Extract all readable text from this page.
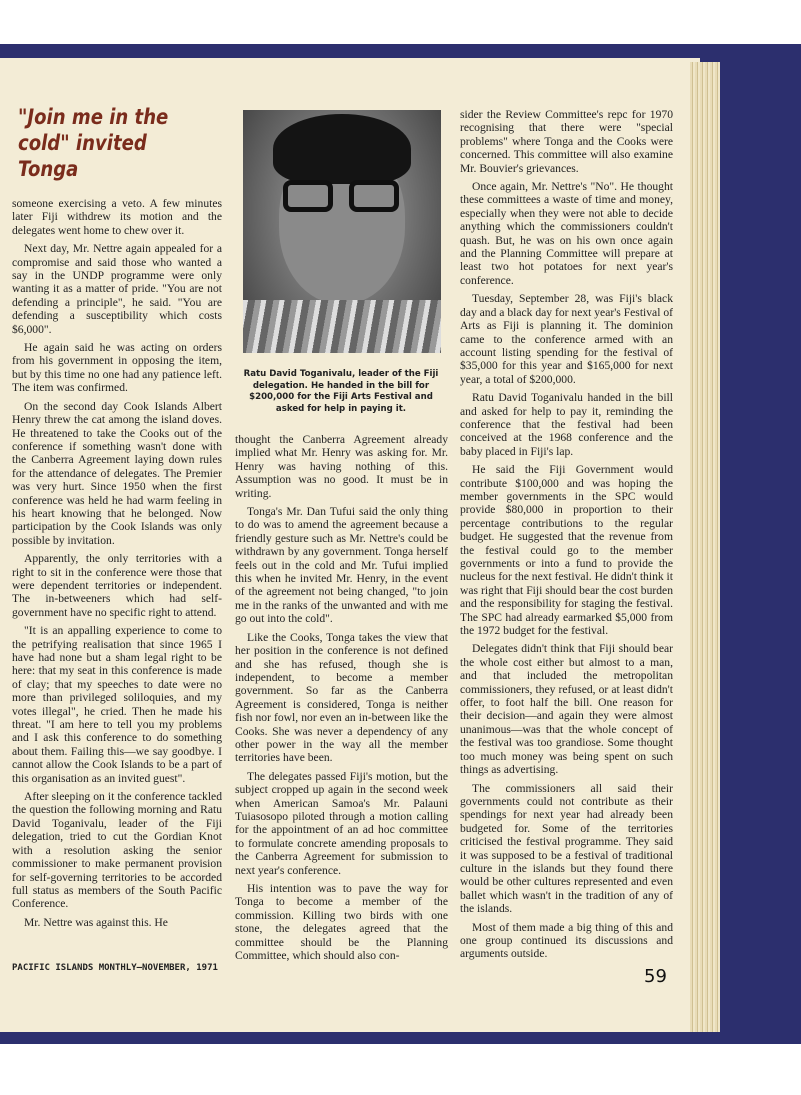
"Join me in the cold" invited Tonga

someone exercising a veto. A few minutes later Fiji withdrew its motion and the delegates went home to chew over it.

Next day, Mr. Nettre again appealed for a compromise and said those who wanted a say in the UNDP programme were only wanting it as a matter of pride. "You are not defending a principle", he said. "You are defending a susceptibility which costs $6,000".

He again said he was acting on orders from his government in opposing the item, but by this time no one had any patience left. The item was confirmed.

On the second day Cook Islands Albert Henry threw the cat among the island doves. He threatened to take the Cooks out of the conference if something wasn't done with the Canberra Agreement laying down rules for the attendance of delegates. The Premier was very hurt. Since 1950 when the first conference was held he had warm feeling in his heart knowing that he belonged. Now participation by the Cook Islands was only possible by invitation.

Apparently, the only territories with a right to sit in the conference were those that were dependent territories or independent. The in-betweeners which had self-government have no specific right to attend.

"It is an appalling experience to come to the petrifying realisation that since 1965 I have had none but a sham legal right to be here: that my seat in this conference is made of clay; that my speeches to date were no more than privileged soliloquies, and my votes illegal", he cried. Then he made his threat. "I am here to tell you my problems and I ask this conference to do something about them. Failing this—we say goodbye. I cannot allow the Cook Islands to be a part of this organisation as an invited guest".

After sleeping on it the conference tackled the question the following morning and Ratu David Toganivalu, leader of the Fiji delegation, tried to cut the Gordian Knot with a resolution asking the senior commissioner to make permanent provision for self-governing territories to be accorded full status as members of the South Pacific Conference.

Mr. Nettre was against this. He

Ratu David Toganivalu, leader of the Fiji delegation. He handed in the bill for $200,000 for the Fiji Arts Festival and asked for help in paying it.

thought the Canberra Agreement already implied what Mr. Henry was asking for. Mr. Henry was having nothing of this. Assumption was no good. It must be in writing.

Tonga's Mr. Dan Tufui said the only thing to do was to amend the agreement because a friendly gesture such as Mr. Nettre's could be withdrawn by any government. Tonga herself feels out in the cold and Mr. Tufui implied this when he invited Mr. Henry, in the event of the agreement not being changed, "to join me in the ranks of the unwanted and with me go out into the cold".

Like the Cooks, Tonga takes the view that her position in the conference is not defined and she has refused, though she is independent, to become a member government. So far as the Canberra Agreement is considered, Tonga is neither fish nor fowl, nor even an in-between like the Cooks. She was never a dependency of any other power in the way all the member territories have been.

The delegates passed Fiji's motion, but the subject cropped up again in the second week when American Samoa's Mr. Palauni Tuiasosopo piloted through a motion calling for the appointment of an ad hoc committee to formulate concrete amending proposals to the Canberra Agreement for submission to next year's conference.

His intention was to pave the way for Tonga to become a member of the commission. Killing two birds with one stone, the delegates agreed that the committee should be the Planning Committee, which should also con-

sider the Review Committee's repc for 1970 recognising that there were "special problems" where Tonga and the Cooks were concerned. This committee will also examine Mr. Bouvier's grievances.

Once again, Mr. Nettre's "No". He thought these committees a waste of time and money, especially when they were not able to decide anything which the commissioners couldn't quash. But, he was on his own once again and the Planning Committee will prepare at least two hot potatoes for next year's conference.

Tuesday, September 28, was Fiji's black day and a black day for next year's Festival of Arts as Fiji is planning it. The dominion came to the conference armed with an account listing spending for the festival of $35,000 for this year and $165,000 for next year, a total of $200,000.

Ratu David Toganivalu handed in the bill and asked for help to pay it, reminding the conference that the festival had been conceived at the 1968 conference and the baby placed in Fiji's lap.

He said the Fiji Government would contribute $100,000 and was hoping the member governments in the SPC would provide $80,000 in proportion to their percentage contributions to the regular budget. He suggested that the revenue from the festival could go to the member governments or into a fund to provide the nucleus for the next festival. He didn't think it was right that Fiji should bear the cost burden and the responsibility for staging the festival. The SPC had already earmarked $5,000 from the 1972 budget for the festival.

Delegates didn't think that Fiji should bear the whole cost either but almost to a man, and that included the metropolitan commissioners, they refused, or at least didn't offer, to foot half the bill. One reason for their decision—and again they were almost unanimous—was that the whole concept of the festival was too grandiose. Some thought too much money was being spent on such things as advertising.

The commissioners all said their governments could not contribute as their spendings for next year had already been budgeted for. Some of the territories criticised the festival programme. They said it was supposed to be a festival of traditional culture in the islands but they found there would be other cultures represented and even ballet which wasn't in the tradition of any of the islands.

Most of them made a big thing of this and one group continued its discussions and arguments outside.

PACIFIC ISLANDS MONTHLY—NOVEMBER, 1971	59
